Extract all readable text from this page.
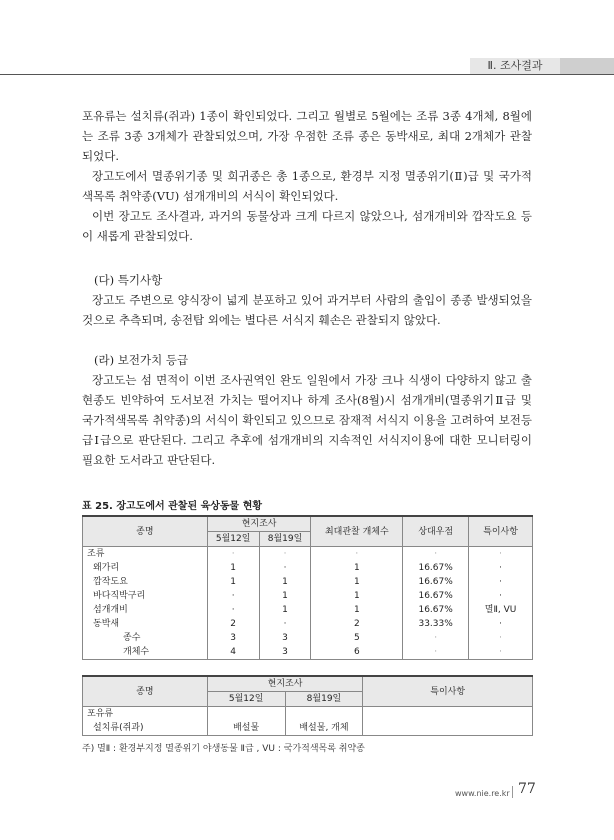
Ⅱ. 조사결과

포유류는 설치류(쥐과) 1종이 확인되었다. 그리고 월별로 5월에는 조류 3종 4개체, 8월에는 조류 3종 3개체가 관찰되었으며, 가장 우점한 조류 종은 동박새로, 최대 2개체가 관찰되었다.

장고도에서 멸종위기종 및 희귀종은 총 1종으로, 환경부 지정 멸종위기(Ⅱ)급 및 국가적색목록 취약종(VU) 섬개개비의 서식이 확인되었다.

이번 장고도 조사결과, 과거의 동물상과 크게 다르지 않았으나, 섬개개비와 깝작도요 등이 새롭게 관찰되었다.

(다) 특기사항

장고도 주변으로 양식장이 넓게 분포하고 있어 과거부터 사람의 출입이 종종 발생되었을 것으로 추측되며, 송전탑 외에는 별다른 서식지 훼손은 관찰되지 않았다.

(라) 보전가치 등급

장고도는 섬 면적이 이번 조사권역인 완도 일원에서 가장 크나 식생이 다양하지 않고 출현종도 빈약하여 도서보전 가치는 떨어지나 하계 조사(8월)시 섬개개비(멸종위기Ⅱ급 및 국가적색목록 취약종)의 서식이 확인되고 있으므로 잠재적 서식지 이용을 고려하여 보전등급Ⅰ급으로 판단된다. 그리고 추후에 섬개개비의 지속적인 서식지이용에 대한 모니터링이 필요한 도서라고 판단된다.

표 25. 장고도에서 관찰된 육상동물 현황
종명	현지조사		최대관찰 개체수	상대우점	특이사항
	5월12일	8월19일			
조류	·	·	·	·	·
왜가리	1	·	1	16.67%	·
깝작도요	1	1	1	16.67%	·
바다직박구리	·	1	1	16.67%	·
섬개개비	·	1	1	16.67%	멸Ⅱ, VU
동박새	2	·	2	33.33%	·
종수	3	3	5	·	·
개체수	4	3	6	·	·
종명	현지조사		특이사항
	5월12일	8월19일	
포유류			
설치류(쥐과)	배설물	배설물, 개체	
주) 멸Ⅱ : 환경부지정 멸종위기 야생동물 Ⅱ급 , VU : 국가적색목록 취약종
www.nie.re.kr 77
